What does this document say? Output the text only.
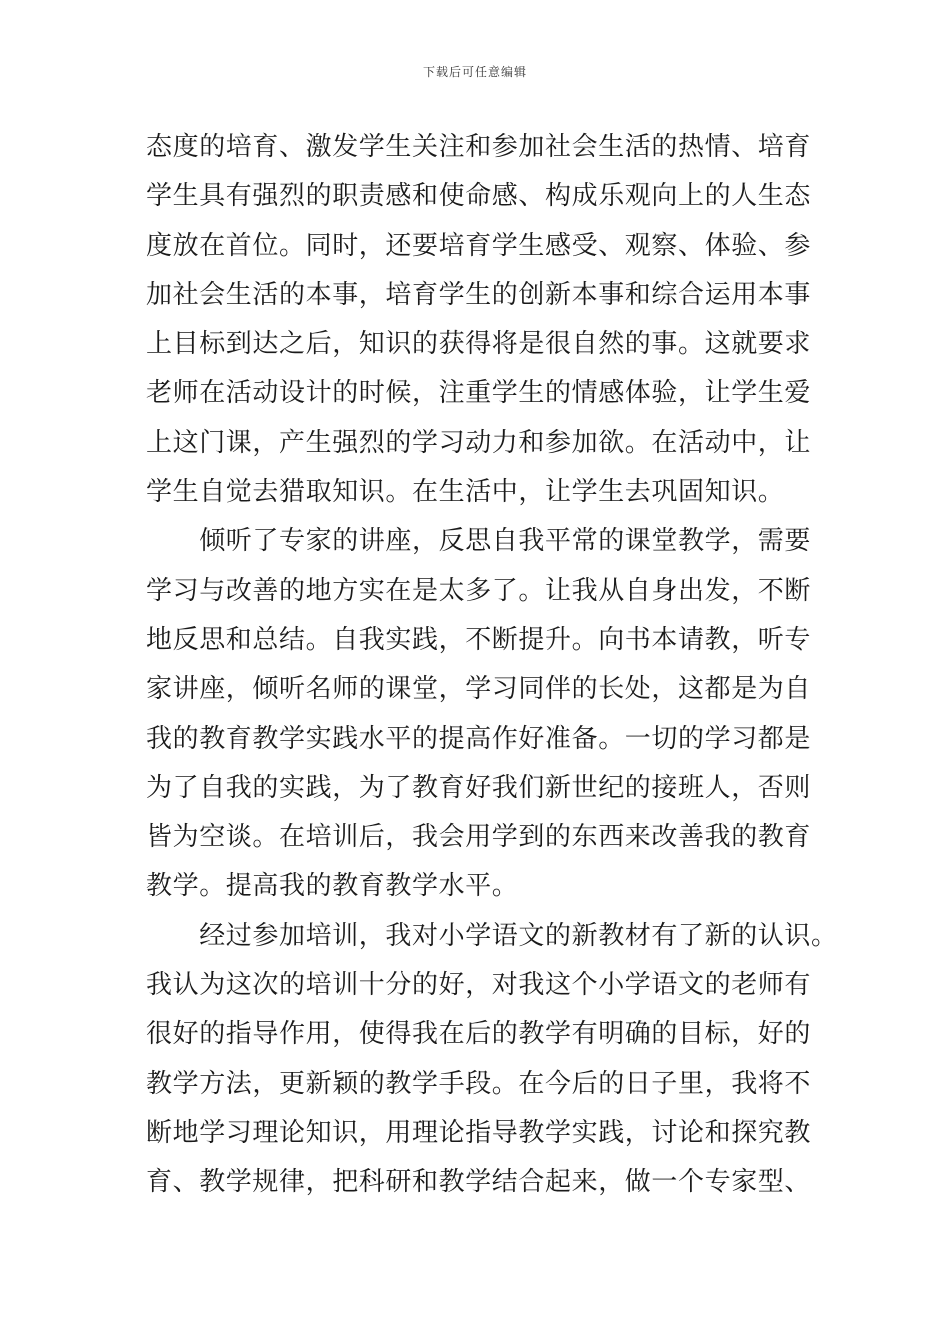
下载后可任意编辑
态度的培育、激发学生关注和参加社会生活的热情、培育
学生具有强烈的职责感和使命感、构成乐观向上的人生态
度放在首位。同时，还要培育学生感受、观察、体验、参
加社会生活的本事，培育学生的创新本事和综合运用本事
上目标到达之后，知识的获得将是很自然的事。这就要求
老师在活动设计的时候，注重学生的情感体验，让学生爱
上这门课，产生强烈的学习动力和参加欲。在活动中，让
学生自觉去猎取知识。在生活中，让学生去巩固知识。
　　倾听了专家的讲座，反思自我平常的课堂教学，需要
学习与改善的地方实在是太多了。让我从自身出发，不断
地反思和总结。自我实践，不断提升。向书本请教，听专
家讲座，倾听名师的课堂，学习同伴的长处，这都是为自
我的教育教学实践水平的提高作好准备。一切的学习都是
为了自我的实践，为了教育好我们新世纪的接班人，否则
皆为空谈。在培训后，我会用学到的东西来改善我的教育
教学。提高我的教育教学水平。
　　经过参加培训，我对小学语文的新教材有了新的认识。
我认为这次的培训十分的好，对我这个小学语文的老师有
很好的指导作用，使得我在后的教学有明确的目标，好的
教学方法，更新颖的教学手段。在今后的日子里，我将不
断地学习理论知识，用理论指导教学实践，讨论和探究教
育、教学规律，把科研和教学结合起来，做一个专家型、
